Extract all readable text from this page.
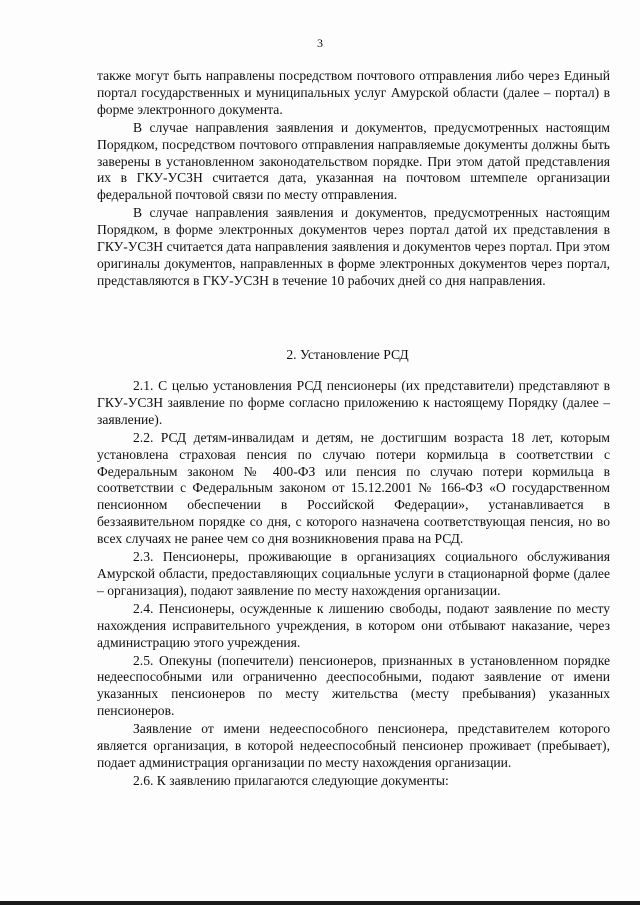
3

также могут быть направлены посредством почтового отправления либо через Единый портал государственных и муниципальных услуг Амурской области (далее – портал) в форме электронного документа.

В случае направления заявления и документов, предусмотренных настоящим Порядком, посредством почтового отправления направляемые документы должны быть заверены в установленном законодательством порядке. При этом датой представления их в ГКУ-УСЗН считается дата, указанная на почтовом штемпеле организации федеральной почтовой связи по месту отправления.

В случае направления заявления и документов, предусмотренных настоящим Порядком, в форме электронных документов через портал датой их представления в ГКУ-УСЗН считается дата направления заявления и документов через портал. При этом оригиналы документов, направленных в форме электронных документов через портал, представляются в ГКУ-УСЗН в течение 10 рабочих дней со дня направления.

2. Установление РСД

2.1. С целью установления РСД пенсионеры (их представители) представляют в ГКУ-УСЗН заявление по форме согласно приложению к настоящему Порядку (далее – заявление).

2.2. РСД детям-инвалидам и детям, не достигшим возраста 18 лет, которым установлена страховая пенсия по случаю потери кормильца в соответствии с Федеральным законом № 400-ФЗ или пенсия по случаю потери кормильца в соответствии с Федеральным законом от 15.12.2001 № 166-ФЗ «О государственном пенсионном обеспечении в Российской Федерации», устанавливается в беззаявительном порядке со дня, с которого назначена соответствующая пенсия, но во всех случаях не ранее чем со дня возникновения права на РСД.

2.3. Пенсионеры, проживающие в организациях социального обслуживания Амурской области, предоставляющих социальные услуги в стационарной форме (далее – организация), подают заявление по месту нахождения организации.

2.4. Пенсионеры, осужденные к лишению свободы, подают заявление по месту нахождения исправительного учреждения, в котором они отбывают наказание, через администрацию этого учреждения.

2.5. Опекуны (попечители) пенсионеров, признанных в установленном порядке недееспособными или ограниченно дееспособными, подают заявление от имени указанных пенсионеров по месту жительства (месту пребывания) указанных пенсионеров.

Заявление от имени недееспособного пенсионера, представителем которого является организация, в которой недееспособный пенсионер проживает (пребывает), подает администрация организации по месту нахождения организации.

2.6. К заявлению прилагаются следующие документы:
